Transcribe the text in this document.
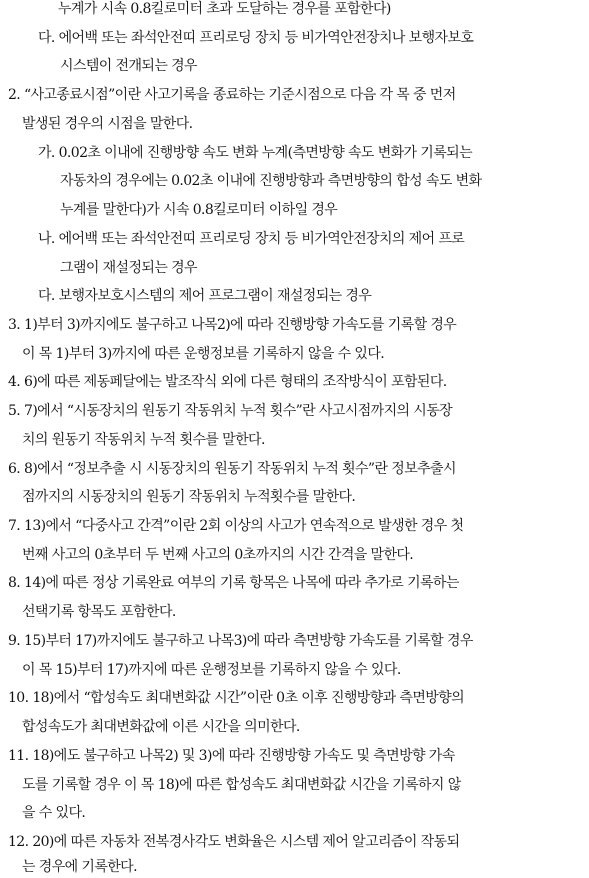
누계가 시속 0.8킬로미터 초과 도달하는 경우를 포함한다)
다. 에어백 또는 좌석안전띠 프리로딩 장치 등 비가역안전장치나 보행자보호
시스템이 전개되는 경우
2. “사고종료시점”이란 사고기록을 종료하는 기준시점으로 다음 각 목 중 먼저
발생된 경우의 시점을 말한다.
가. 0.02초 이내에 진행방향 속도 변화 누계(측면방향 속도 변화가 기록되는
자동차의 경우에는 0.02초 이내에 진행방향과 측면방향의 합성 속도 변화
누계를 말한다)가 시속 0.8킬로미터 이하일 경우
나. 에어백 또는 좌석안전띠 프리로딩 장치 등 비가역안전장치의 제어 프로
그램이 재설정되는 경우
다. 보행자보호시스템의 제어 프로그램이 재설정되는 경우
3. 1)부터 3)까지에도 불구하고 나목2)에 따라 진행방향 가속도를 기록할 경우
이 목 1)부터 3)까지에 따른 운행정보를 기록하지 않을 수 있다.
4. 6)에 따른 제동페달에는 발조작식 외에 다른 형태의 조작방식이 포함된다.
5. 7)에서 “시동장치의 원동기 작동위치 누적 횟수”란 사고시점까지의 시동장
치의 원동기 작동위치 누적 횟수를 말한다.
6. 8)에서 “정보추출 시 시동장치의 원동기 작동위치 누적 횟수”란 정보추출시
점까지의 시동장치의 원동기 작동위치 누적횟수를 말한다.
7. 13)에서 “다중사고 간격”이란 2회 이상의 사고가 연속적으로 발생한 경우 첫
번째 사고의 0초부터 두 번째 사고의 0초까지의 시간 간격을 말한다.
8. 14)에 따른 정상 기록완료 여부의 기록 항목은 나목에 따라 추가로 기록하는
선택기록 항목도 포함한다.
9. 15)부터 17)까지에도 불구하고 나목3)에 따라 측면방향 가속도를 기록할 경우
이 목 15)부터 17)까지에 따른 운행정보를 기록하지 않을 수 있다.
10. 18)에서 “합성속도 최대변화값 시간”이란 0초 이후 진행방향과 측면방향의
합성속도가 최대변화값에 이른 시간을 의미한다.
11. 18)에도 불구하고 나목2) 및 3)에 따라 진행방향 가속도 및 측면방향 가속
도를 기록할 경우 이 목 18)에 따른 합성속도 최대변화값 시간을 기록하지 않
을 수 있다.
12. 20)에 따른 자동차 전복경사각도 변화율은 시스템 제어 알고리즘이 작동되
는 경우에 기록한다.
